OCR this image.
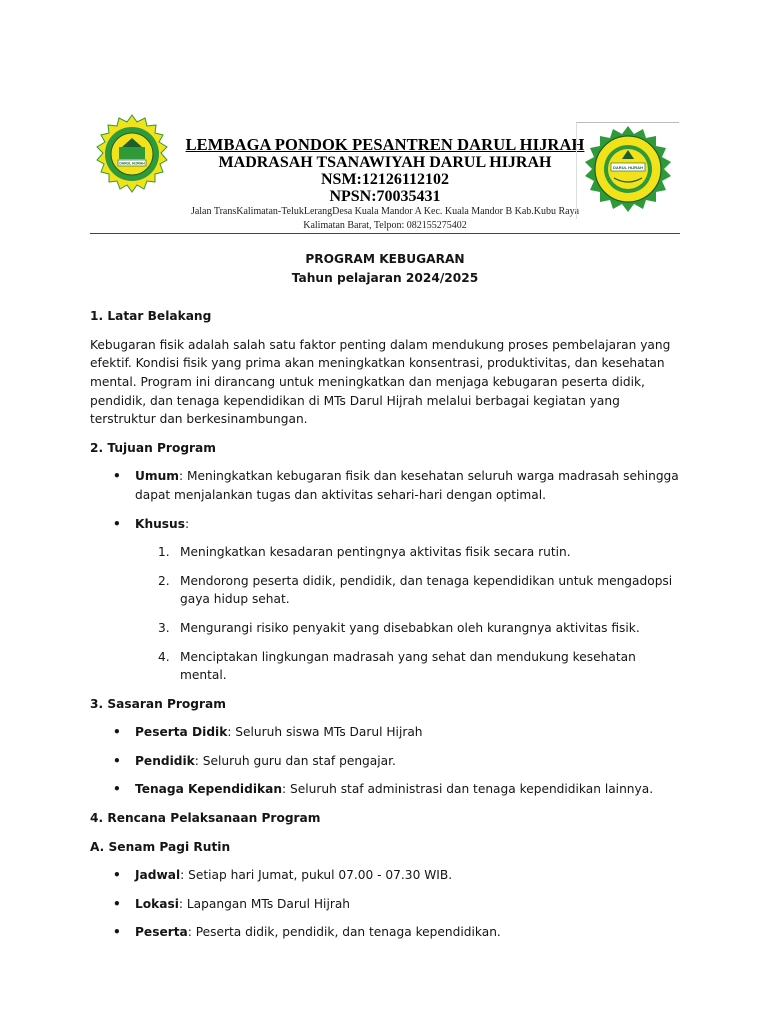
DARUL HIJRAH
LEMBAGA PONDOK PESANTREN DARUL HIJRAH
MADRASAH TSANAWIYAH DARUL HIJRAH
NSM:12126112102
NPSN:70035431
Jalan TransKalimatan-TelukLerangDesa Kuala Mandor A Kec. Kuala Mandor B Kab.Kubu Raya
Kalimatan Barat, Telpon: 082155275402
DARUL HIJRAH

PROGRAM KEBUGARAN

Tahun pelajaran 2024/2025

1. Latar Belakang

Kebugaran fisik adalah salah satu faktor penting dalam mendukung proses pembelajaran yang efektif. Kondisi fisik yang prima akan meningkatkan konsentrasi, produktivitas, dan kesehatan mental. Program ini dirancang untuk meningkatkan dan menjaga kebugaran peserta didik, pendidik, dan tenaga kependidikan di MTs Darul Hijrah melalui berbagai kegiatan yang terstruktur dan berkesinambungan.

2. Tujuan Program

• Umum: Meningkatkan kebugaran fisik dan kesehatan seluruh warga madrasah sehingga dapat menjalankan tugas dan aktivitas sehari-hari dengan optimal.
• Khusus:
1. Meningkatkan kesadaran pentingnya aktivitas fisik secara rutin.
2. Mendorong peserta didik, pendidik, dan tenaga kependidikan untuk mengadopsi gaya hidup sehat.
3. Mengurangi risiko penyakit yang disebabkan oleh kurangnya aktivitas fisik.
4. Menciptakan lingkungan madrasah yang sehat dan mendukung kesehatan mental.

3. Sasaran Program

• Peserta Didik: Seluruh siswa MTs Darul Hijrah
• Pendidik: Seluruh guru dan staf pengajar.
• Tenaga Kependidikan: Seluruh staf administrasi dan tenaga kependidikan lainnya.

4. Rencana Pelaksanaan Program

A. Senam Pagi Rutin

• Jadwal: Setiap hari Jumat, pukul 07.00 - 07.30 WIB.
• Lokasi: Lapangan MTs Darul Hijrah
• Peserta: Peserta didik, pendidik, dan tenaga kependidikan.
